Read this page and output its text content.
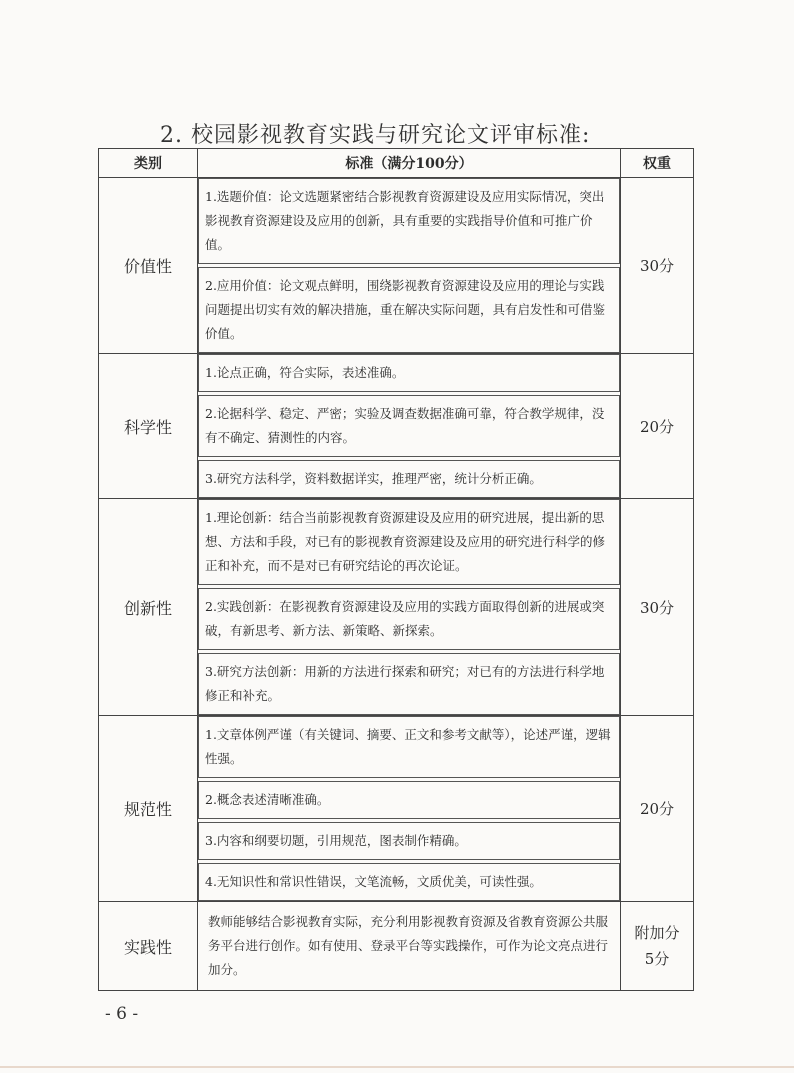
2. 校园影视教育实践与研究论文评审标准:
类别	标准（满分100分）	权重
价值性	1.选题价值：论文选题紧密结合影视教育资源建设及应用实际情况，突出影视教育资源建设及应用的创新，具有重要的实践指导价值和可推广价值。
2.应用价值：论文观点鲜明，围绕影视教育资源建设及应用的理论与实践问题提出切实有效的解决措施，重在解决实际问题，具有启发性和可借鉴价值。	30分
科学性	1.论点正确，符合实际，表述准确。
2.论据科学、稳定、严密；实验及调查数据准确可靠，符合教学规律，没有不确定、猜测性的内容。
3.研究方法科学，资料数据详实，推理严密，统计分析正确。	20分
创新性	1.理论创新：结合当前影视教育资源建设及应用的研究进展，提出新的思想、方法和手段，对已有的影视教育资源建设及应用的研究进行科学的修正和补充，而不是对已有研究结论的再次论证。
2.实践创新：在影视教育资源建设及应用的实践方面取得创新的进展或突破，有新思考、新方法、新策略、新探索。
3.研究方法创新：用新的方法进行探索和研究；对已有的方法进行科学地修正和补充。	30分
规范性	1.文章体例严谨（有关键词、摘要、正文和参考文献等），论述严谨，逻辑性强。
2.概念表述清晰准确。
3.内容和纲要切题，引用规范，图表制作精确。
4.无知识性和常识性错误，文笔流畅，文质优美，可读性强。	20分
实践性	教师能够结合影视教育实际，充分利用影视教育资源及省教育资源公共服务平台进行创作。如有使用、登录平台等实践操作，可作为论文亮点进行加分。	附加分
5分
- 6 -
